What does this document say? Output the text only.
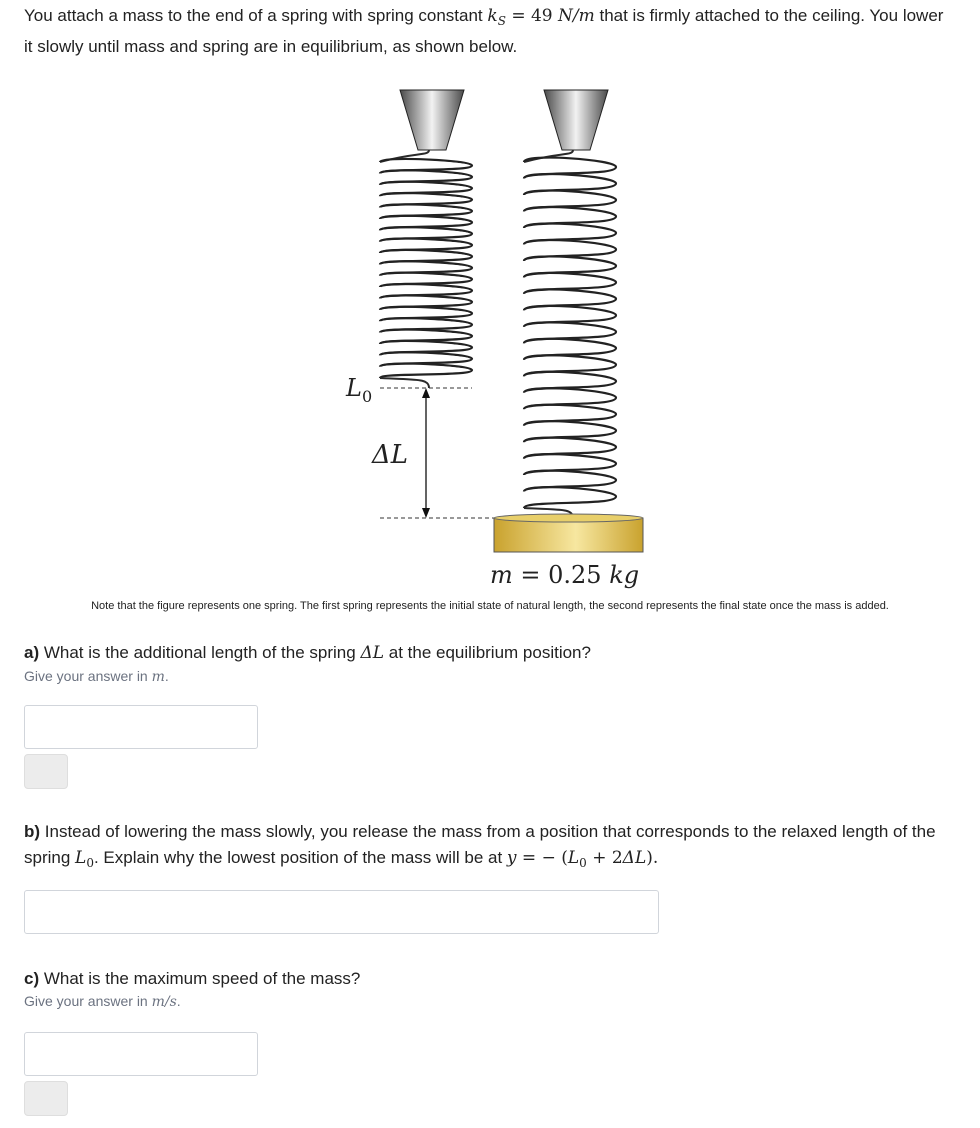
You attach a mass to the end of a spring with spring constant $k_S = 49$ N/m that is firmly attached to the ceiling. You lower it slowly until mass and spring are in equilibrium, as shown below.
$L_0$
ΔL
m = 0.25 kg
Note that the figure represents one spring. The first spring represents the initial state of natural length, the second represents the final state once the mass is added.
a) What is the additional length of the spring ΔL at the equilibrium position?
Give your answer in m.
b) Instead of lowering the mass slowly, you release the mass from a position that corresponds to the relaxed length of the spring $L_0$. Explain why the lowest position of the mass will be at y = − $(L_0 + 2\Delta L)$.
c) What is the maximum speed of the mass?
Give your answer in m/s.
